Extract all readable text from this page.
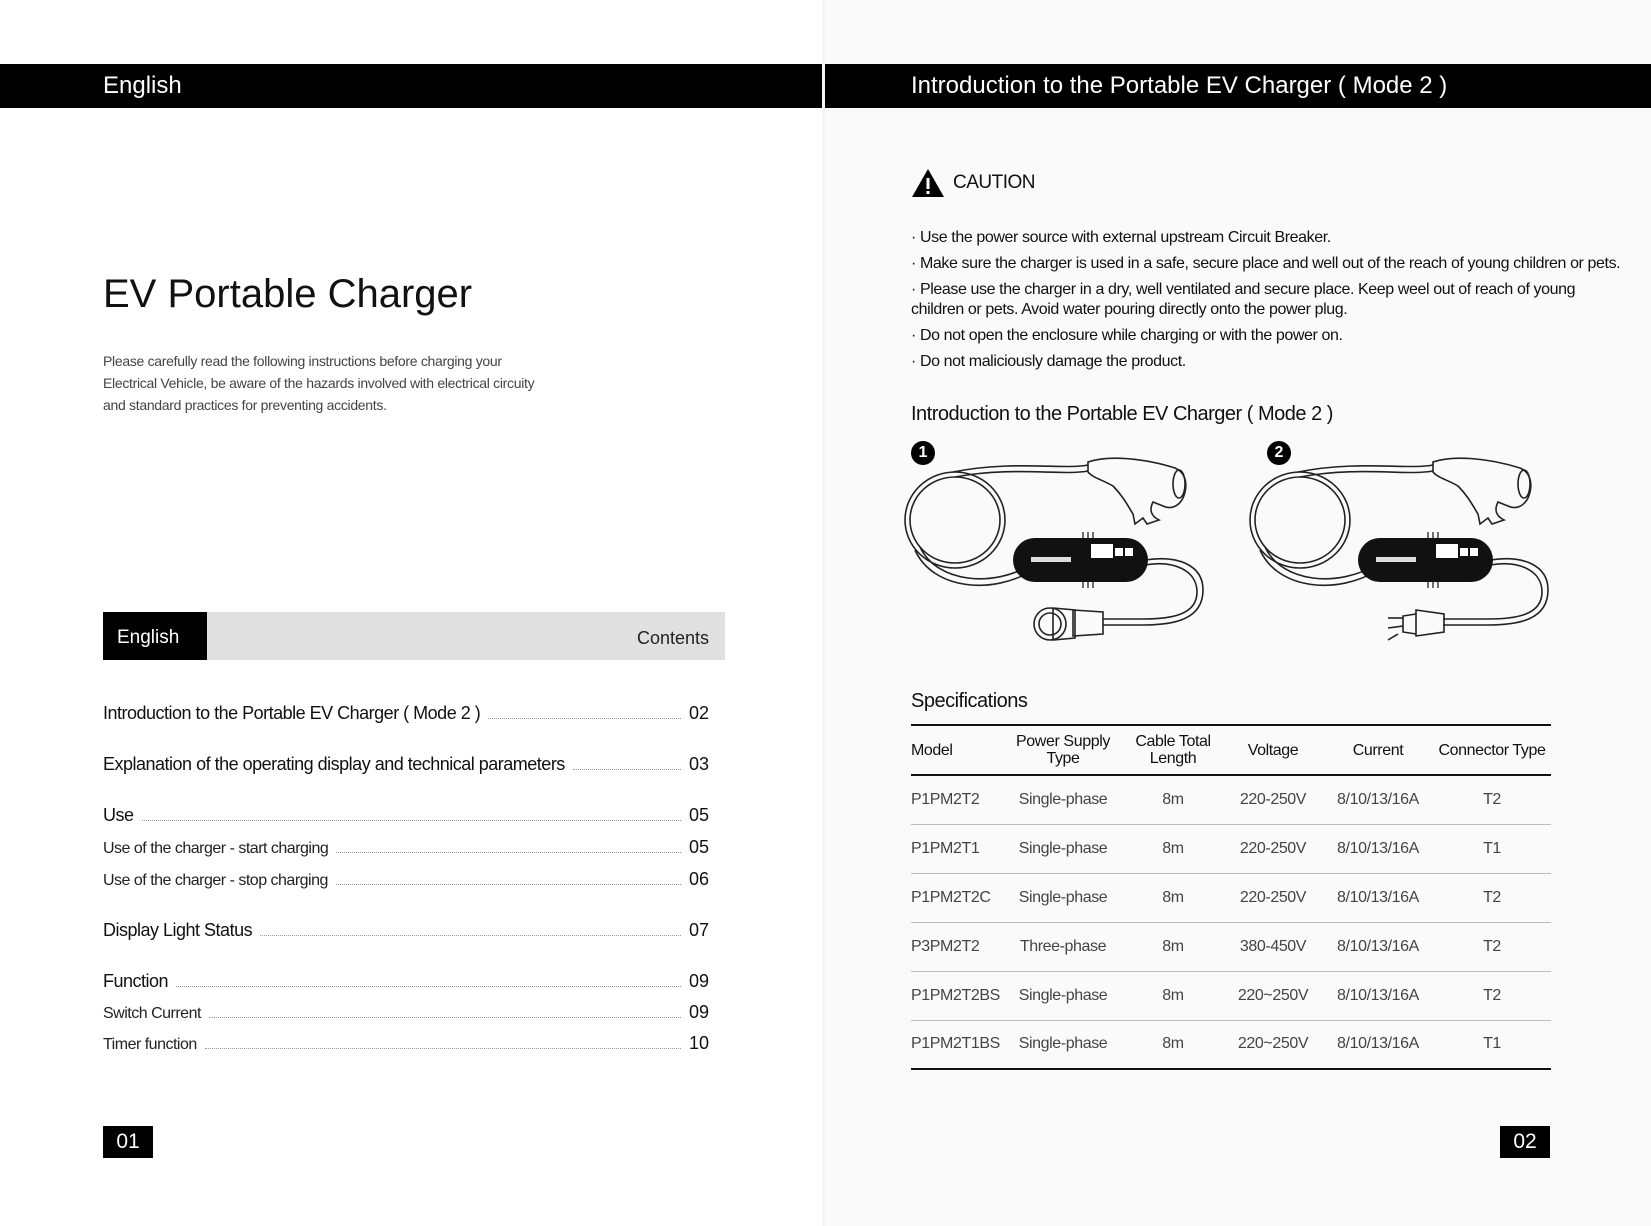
English
EV Portable Charger
Please carefully read the following instructions before charging your
Electrical Vehicle, be aware of the hazards involved with electrical circuity
and standard practices for preventing accidents.
English	Contents
Introduction to the Portable EV Charger ( Mode 2 )	02
Explanation of the operating display and technical parameters	03
Use	05
Use of the charger - start charging	05
Use of the charger - stop charging	06
Display Light Status	07
Function	09
Switch Current	09
Timer function	10
01
Introduction to the Portable EV Charger ( Mode 2 )
CAUTION
· Use the power source with external upstream Circuit Breaker.
· Make sure the charger is used in a safe, secure place and well out of the reach of young children or pets.
· Please use the charger in a dry, well ventilated and secure place. Keep weel out of reach of young children or pets. Avoid water pouring directly onto the power plug.
· Do not open the enclosure while charging or with the power on.
· Do not maliciously damage the product.
Introduction to the Portable EV Charger ( Mode 2 )
1	2
Specifications
Model	Power Supply Type	Cable Total Length	Voltage	Current	Connector Type
P1PM2T2	Single-phase	8m	220-250V	8/10/13/16A	T2
P1PM2T1	Single-phase	8m	220-250V	8/10/13/16A	T1
P1PM2T2C	Single-phase	8m	220-250V	8/10/13/16A	T2
P3PM2T2	Three-phase	8m	380-450V	8/10/13/16A	T2
P1PM2T2BS	Single-phase	8m	220~250V	8/10/13/16A	T2
P1PM2T1BS	Single-phase	8m	220~250V	8/10/13/16A	T1
02
